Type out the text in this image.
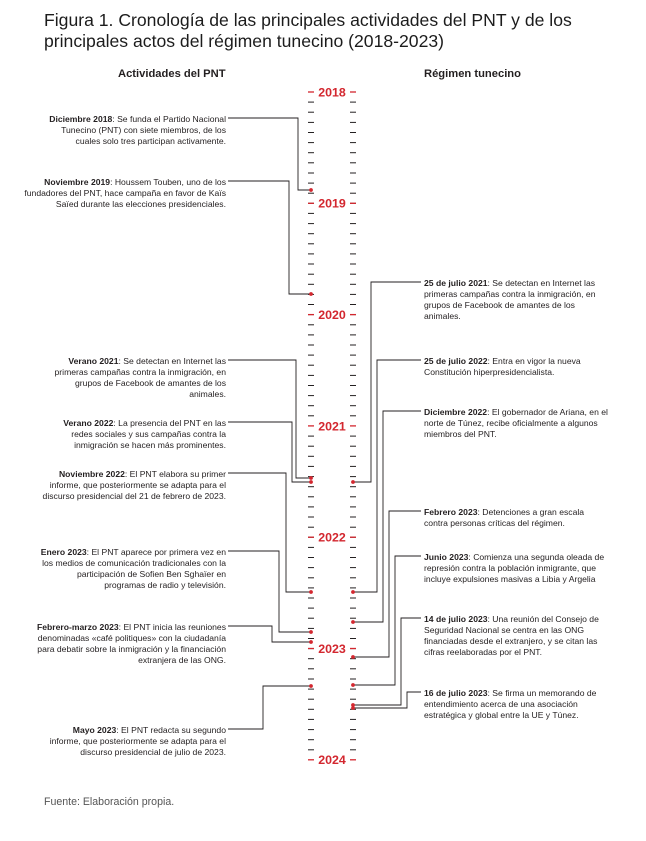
Figura 1. Cronología de las principales actividades del PNT y de los principales actos del régimen tunecino (2018-2023)
Actividades del PNT	Régimen tunecino
2018
2019
2020
2021
2022
2023
2024
Diciembre 2018: Se funda el Partido Nacional Tunecino (PNT) con siete miembros, de los cuales solo tres participan activamente.
Noviembre 2019: Houssem Touben, uno de los fundadores del PNT, hace campaña en favor de Kaïs Saïed durante las elecciones presidenciales.
Verano 2021: Se detectan en Internet las primeras campañas contra la inmigración, en grupos de Facebook de amantes de los animales.
Verano 2022: La presencia del PNT en las redes sociales y sus campañas contra la inmigración se hacen más prominentes.
Noviembre 2022: El PNT elabora su primer informe, que posteriormente se adapta para el discurso presidencial del 21 de febrero de 2023.
Enero 2023: El PNT aparece por primera vez en los medios de comunicación tradicionales con la participación de Sofien Ben Sghaïer en programas de radio y televisión.
Febrero-marzo 2023: El PNT inicia las reuniones denominadas «café politiques» con la ciudadanía para debatir sobre la inmigración y la financiación extranjera de las ONG.
Mayo 2023: El PNT redacta su segundo informe, que posteriormente se adapta para el discurso presidencial de julio de 2023.
25 de julio 2021: Se detectan en Internet las primeras campañas contra la inmigración, en grupos de Facebook de amantes de los animales.
25 de julio 2022: Entra en vigor la nueva Constitución hiperpresidencialista.
Diciembre 2022: El gobernador de Ariana, en el norte de Túnez, recibe oficialmente a algunos miembros del PNT.
Febrero 2023: Detenciones a gran escala contra personas críticas del régimen.
Junio 2023: Comienza una segunda oleada de represión contra la población inmigrante, que incluye expulsiones masivas a Libia y Argelia
14 de julio 2023: Una reunión del Consejo de Seguridad Nacional se centra en las ONG financiadas desde el extranjero, y se citan las cifras reelaboradas por el PNT.
16 de julio 2023: Se firma un memorando de entendimiento acerca de una asociación estratégica y global entre la UE y Túnez.
Fuente: Elaboración propia.
